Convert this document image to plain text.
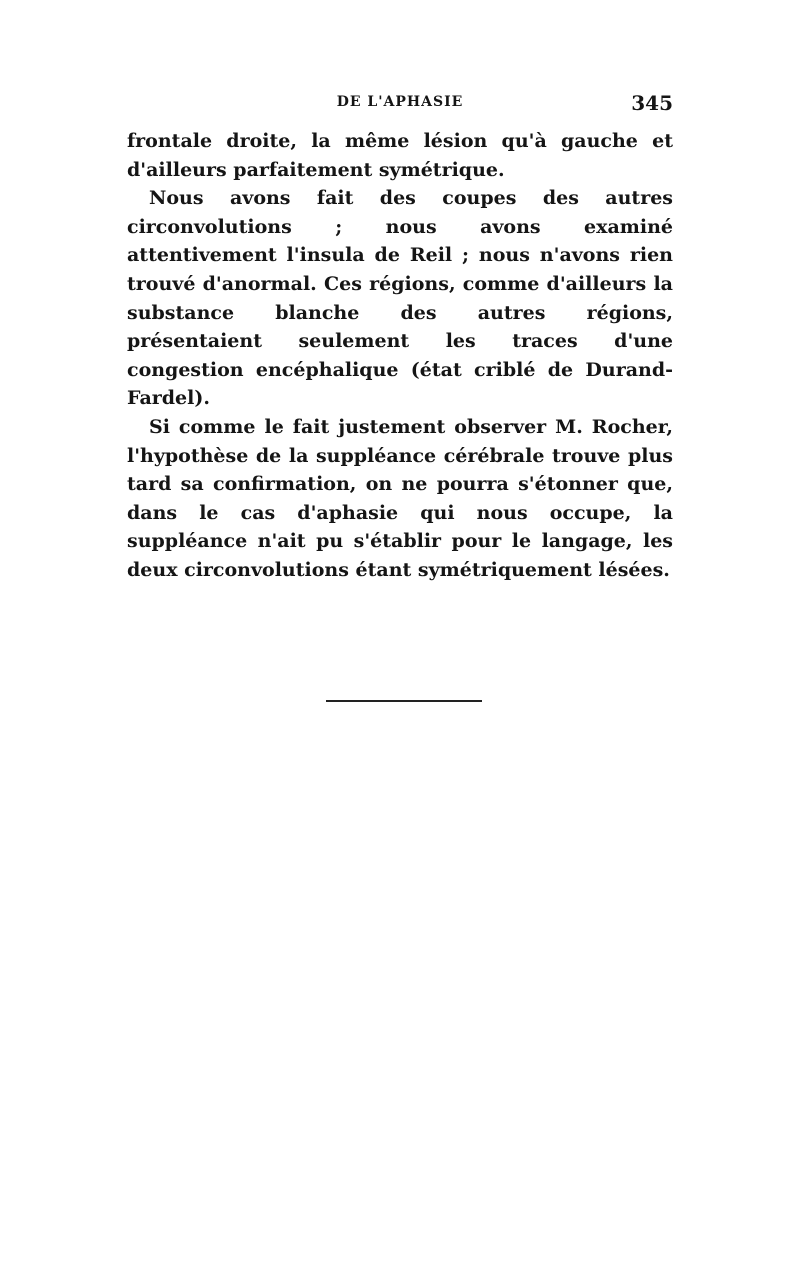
DE L'APHASIE	345

frontale droite, la même lésion qu'à gauche et d'ailleurs parfaitement symétrique.

Nous avons fait des coupes des autres circonvolutions ; nous avons examiné attentivement l'insula de Reil ; nous n'avons rien trouvé d'anormal. Ces régions, comme d'ailleurs la substance blanche des autres régions, présentaient seulement les traces d'une congestion encéphalique (état criblé de Durand-Fardel).

Si comme le fait justement observer M. Rocher, l'hypothèse de la suppléance cérébrale trouve plus tard sa confirmation, on ne pourra s'étonner que, dans le cas d'aphasie qui nous occupe, la suppléance n'ait pu s'établir pour le langage, les deux circonvolutions étant symétriquement lésées.
